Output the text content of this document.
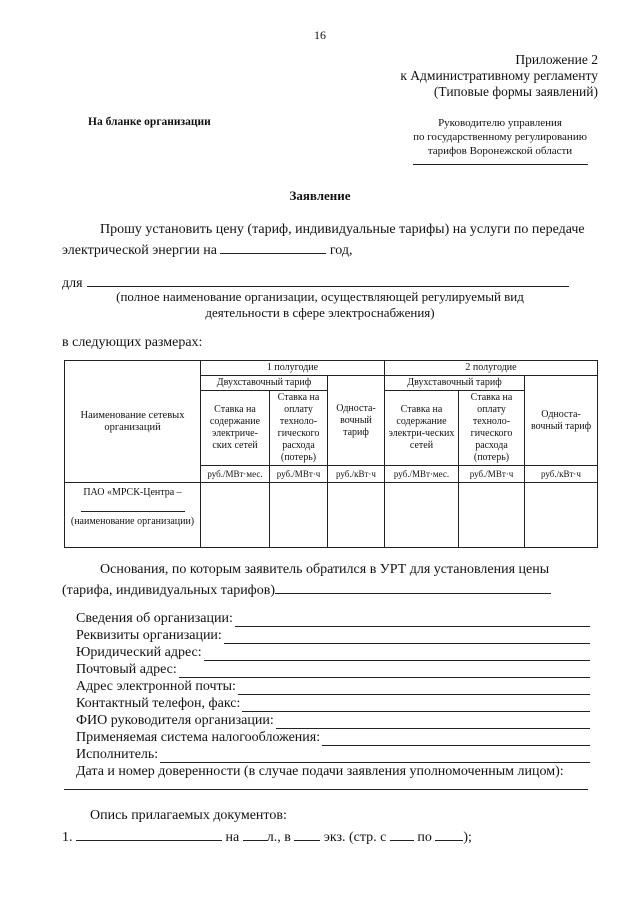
16
Приложение 2
к Административному регламенту
(Типовые формы заявлений)
На бланке организации	Руководителю управления
по государственному регулированию
тарифов Воронежской области
Заявление
Прошу установить цену (тариф, индивидуальные тарифы) на услуги по передаче электрической энергии на	год,
для
(полное наименование организации, осуществляющей регулируемый вид деятельности в сфере электроснабжения)
в следующих размерах:
Наименование сетевых организаций	1 полугодие			2 полугодие		
	Двухставочный тариф		Односта-вочный тариф	Двухставочный тариф		Односта-вочный тариф
	Ставка на содержание электриче-ских сетей	Ставка на оплату техноло-гического расхода (потерь)		Ставка на содержание электри-ческих сетей	Ставка на оплату техноло-гического расхода (потерь)	
	руб./МВт·мес.	руб./МВт·ч	руб./кВт·ч	руб./МВт·мес.	руб./МВт·ч	руб./кВт·ч

ПАО «МРСК-Центра –
(наименование организации)						
Основания, по которым заявитель обратился в УРТ для установления цены (тарифа, индивидуальных тарифов)
Сведения об организации:
Реквизиты организации:
Юридический адрес:
Почтовый адрес:
Адрес электронной почты:
Контактный телефон, факс:
ФИО руководителя организации:
Применяемая система налогообложения:
Исполнитель:
Дата и номер доверенности (в случае подачи заявления уполномоченным лицом):
Опись прилагаемых документов:
1.	на л., в экз. (стр. с по );
